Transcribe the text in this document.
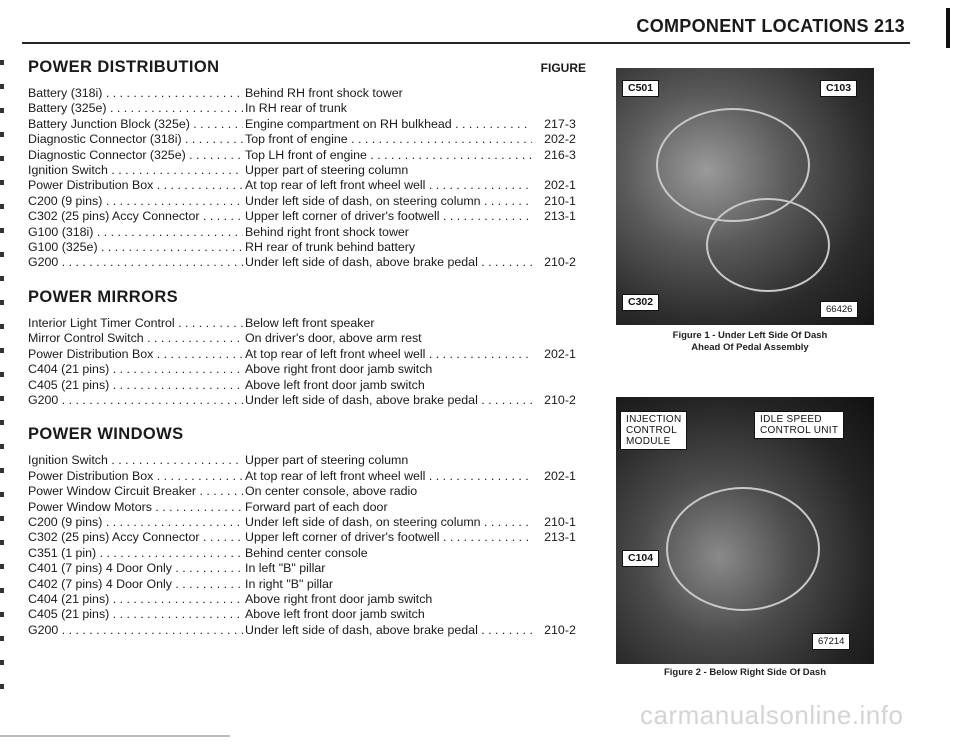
COMPONENT LOCATIONS 213
POWER DISTRIBUTION	FIGURE
Battery (318i) . . .	Behind RH front shock tower
Battery (325e) . . .	In RH rear of trunk
Battery Junction Block (325e) . . .	Engine compartment on RH bulkhead . . .	217-3
Diagnostic Connector (318i) . . .	Top front of engine . . .	202-2
Diagnostic Connector (325e) . . .	Top LH front of engine . . .	216-3
Ignition Switch . . .	Upper part of steering column
Power Distribution Box . . .	At top rear of left front wheel well . . .	202-1
C200 (9 pins) . . .	Under left side of dash, on steering column . . .	210-1
C302 (25 pins) Accy Connector . . .	Upper left corner of driver's footwell . . .	213-1
G100 (318i) . . .	Behind right front shock tower
G100 (325e) . . .	RH rear of trunk behind battery
G200 . . .	Under left side of dash, above brake pedal . . .	210-2
POWER MIRRORS
Interior Light Timer Control . . .	Below left front speaker
Mirror Control Switch . . .	On driver's door, above arm rest
Power Distribution Box . . .	At top rear of left front wheel well . . .	202-1
C404 (21 pins) . . .	Above right front door jamb switch
C405 (21 pins) . . .	Above left front door jamb switch
G200 . . .	Under left side of dash, above brake pedal . . .	210-2
POWER WINDOWS
Ignition Switch . . .	Upper part of steering column
Power Distribution Box . . .	At top rear of left front wheel well . . .	202-1
Power Window Circuit Breaker . . .	On center console, above radio
Power Window Motors . . .	Forward part of each door
C200 (9 pins) . . .	Under left side of dash, on steering column . . .	210-1
C302 (25 pins) Accy Connector . . .	Upper left corner of driver's footwell . . .	213-1
C351 (1 pin) . . .	Behind center console
C401 (7 pins) 4 Door Only . . .	In left "B" pillar
C402 (7 pins) 4 Door Only . . .	In right "B" pillar
C404 (21 pins) . . .	Above right front door jamb switch
C405 (21 pins) . . .	Above left front door jamb switch
G200 . . .	Under left side of dash, above brake pedal . . .	210-2
C501	C103
C302
66426
Figure 1 - Under Left Side Of Dash
Ahead Of Pedal Assembly
INJECTION
CONTROL
MODULE
IDLE SPEED
CONTROL UNIT
C104
67214
Figure 2 - Below Right Side Of Dash
carmanualsonline.info
